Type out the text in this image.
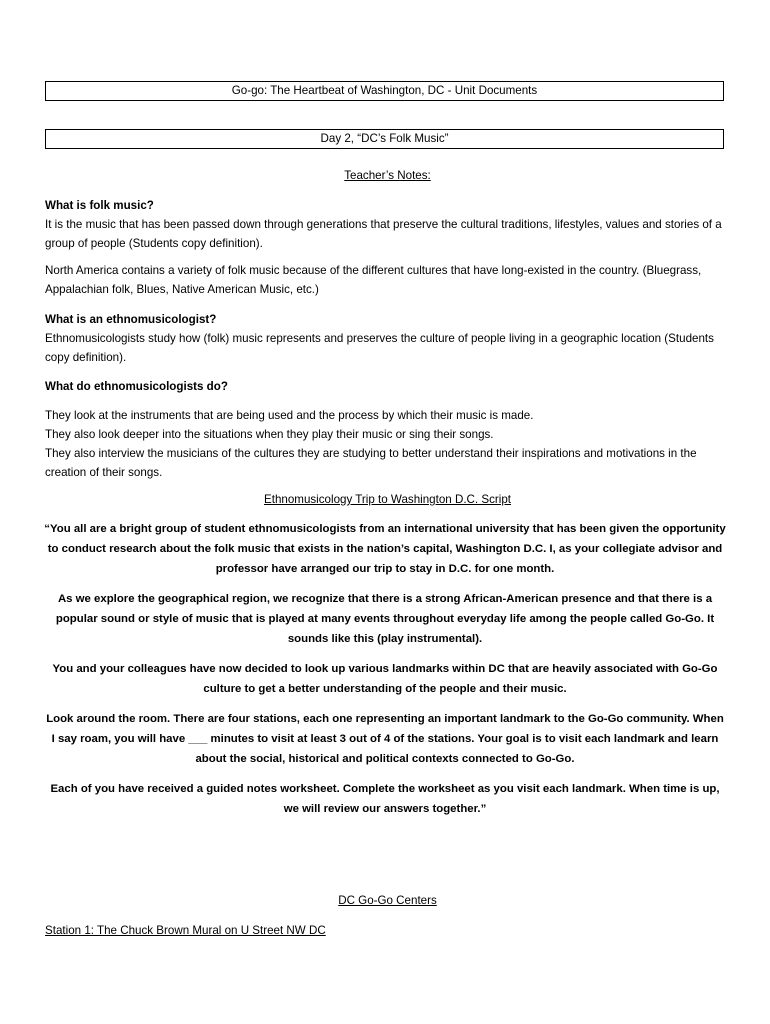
Go-go: The Heartbeat of Washington, DC - Unit Documents
Day 2, “DC’s Folk Music”
Teacher’s Notes:

What is folk music?

It is the music that has been passed down through generations that preserve the cultural traditions, lifestyles, values and stories of a group of people (Students copy definition).

North America contains a variety of folk music because of the different cultures that have long-existed in the country. (Bluegrass, Appalachian folk, Blues, Native American Music, etc.)

What is an ethnomusicologist?

Ethnomusicologists study how (folk) music represents and preserves the culture of people living in a geographic location (Students copy definition).

What do ethnomusicologists do?

They look at the instruments that are being used and the process by which their music is made.

They also look deeper into the situations when they play their music or sing their songs.

They also interview the musicians of the cultures they are studying to better understand their inspirations and motivations in the creation of their songs.

Ethnomusicology Trip to Washington D.C. Script

“You all are a bright group of student ethnomusicologists from an international university that has been given the opportunity to conduct research about the folk music that exists in the nation’s capital, Washington D.C. I, as your collegiate advisor and professor have arranged our trip to stay in D.C. for one month.

As we explore the geographical region, we recognize that there is a strong African-American presence and that there is a popular sound or style of music that is played at many events throughout everyday life among the people called Go-Go. It sounds like this (play instrumental).

You and your colleagues have now decided to look up various landmarks within DC that are heavily associated with Go-Go culture to get a better understanding of the people and their music.

Look around the room. There are four stations, each one representing an important landmark to the Go-Go community. When I say roam, you will have ___ minutes to visit at least 3 out of 4 of the stations. Your goal is to visit each landmark and learn about the social, historical and political contexts connected to Go-Go.

Each of you have received a guided notes worksheet. Complete the worksheet as you visit each landmark. When time is up, we will review our answers together.”

DC Go-Go Centers
Station 1: The Chuck Brown Mural on U Street NW DC
